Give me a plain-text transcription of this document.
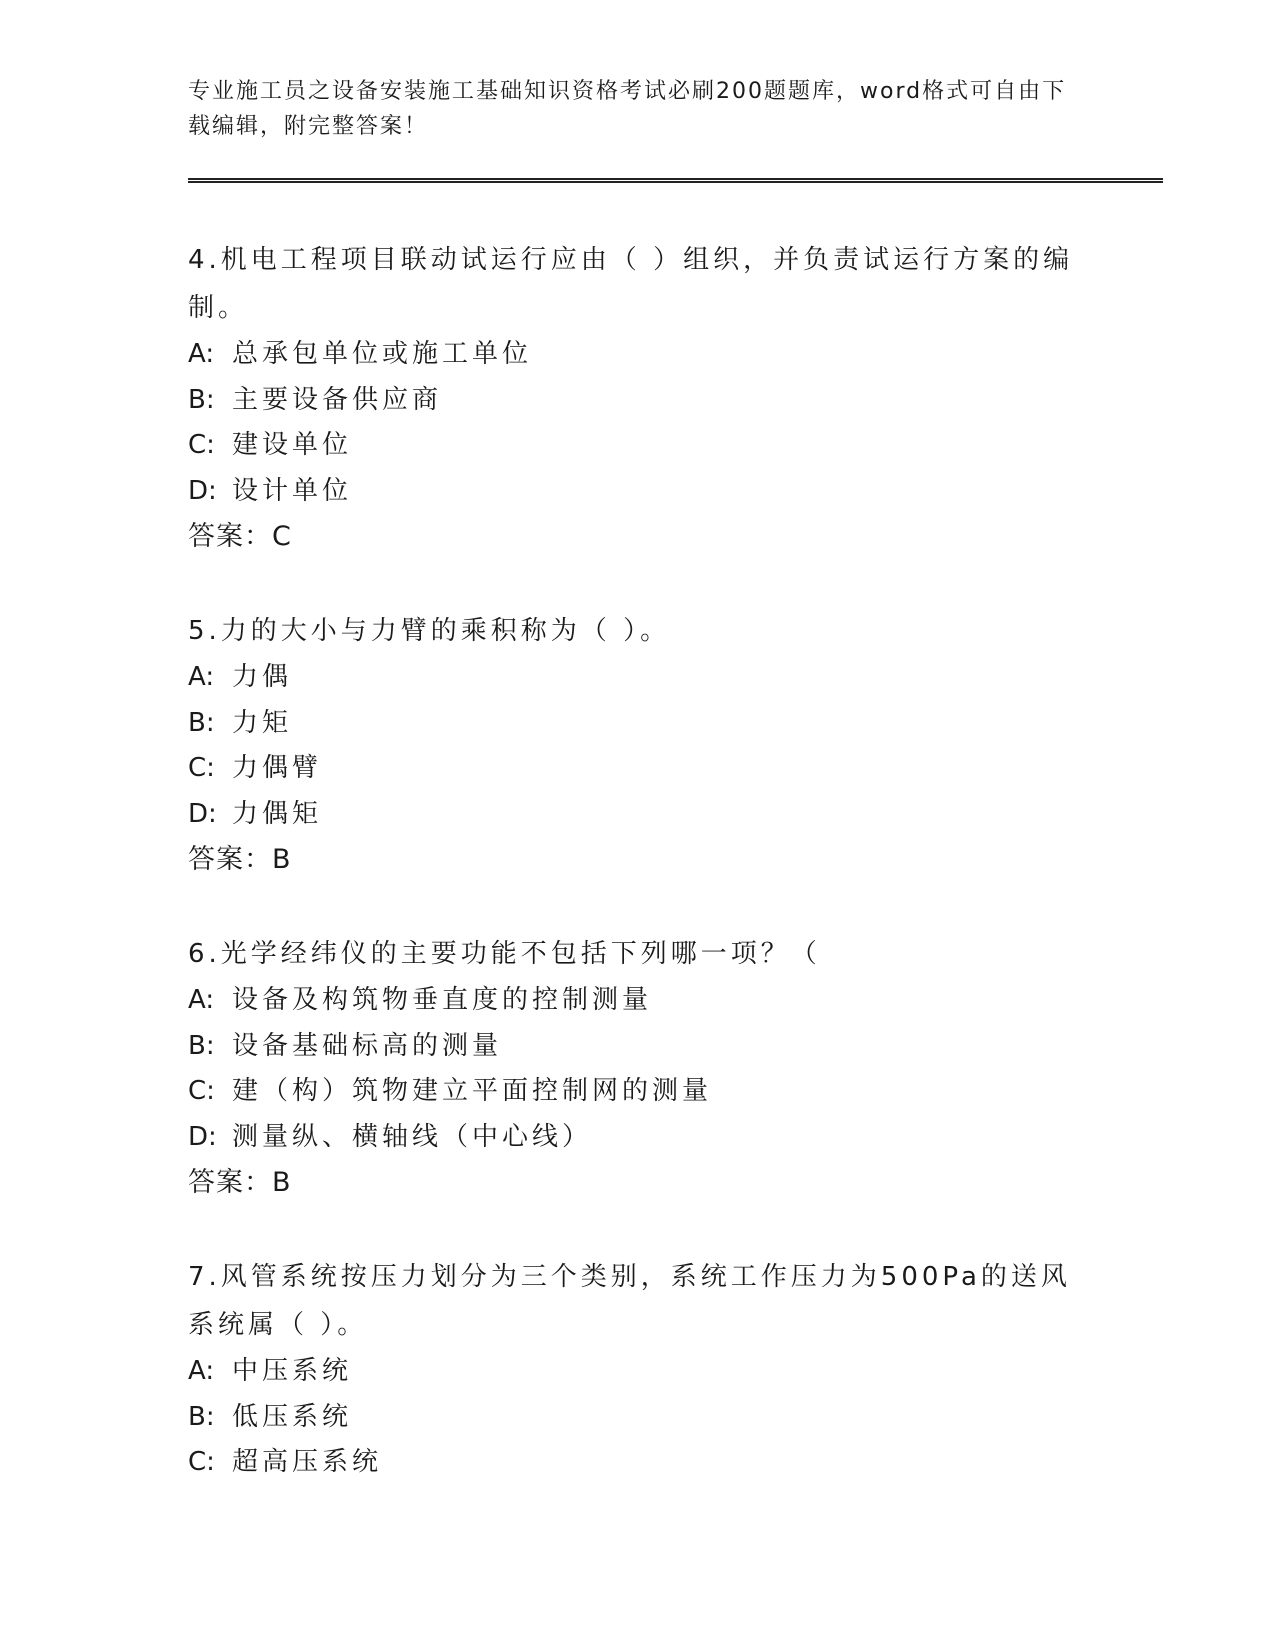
专业施工员之设备安装施工基础知识资格考试必刷200题题库，word格式可自由下载编辑，附完整答案！
4.机电工程项目联动试运行应由（ ）组织，并负责试运行方案的编制。
A: 总承包单位或施工单位
B: 主要设备供应商
C: 建设单位
D: 设计单位
答案：C
5.力的大小与力臂的乘积称为（ ）。
A: 力偶
B: 力矩
C: 力偶臂
D: 力偶矩
答案：B
6.光学经纬仪的主要功能不包括下列哪一项？（
A: 设备及构筑物垂直度的控制测量
B: 设备基础标高的测量
C: 建（构）筑物建立平面控制网的测量
D: 测量纵、横轴线（中心线）
答案：B
7.风管系统按压力划分为三个类别，系统工作压力为500Pa的送风系统属（ ）。
A: 中压系统
B: 低压系统
C: 超高压系统
